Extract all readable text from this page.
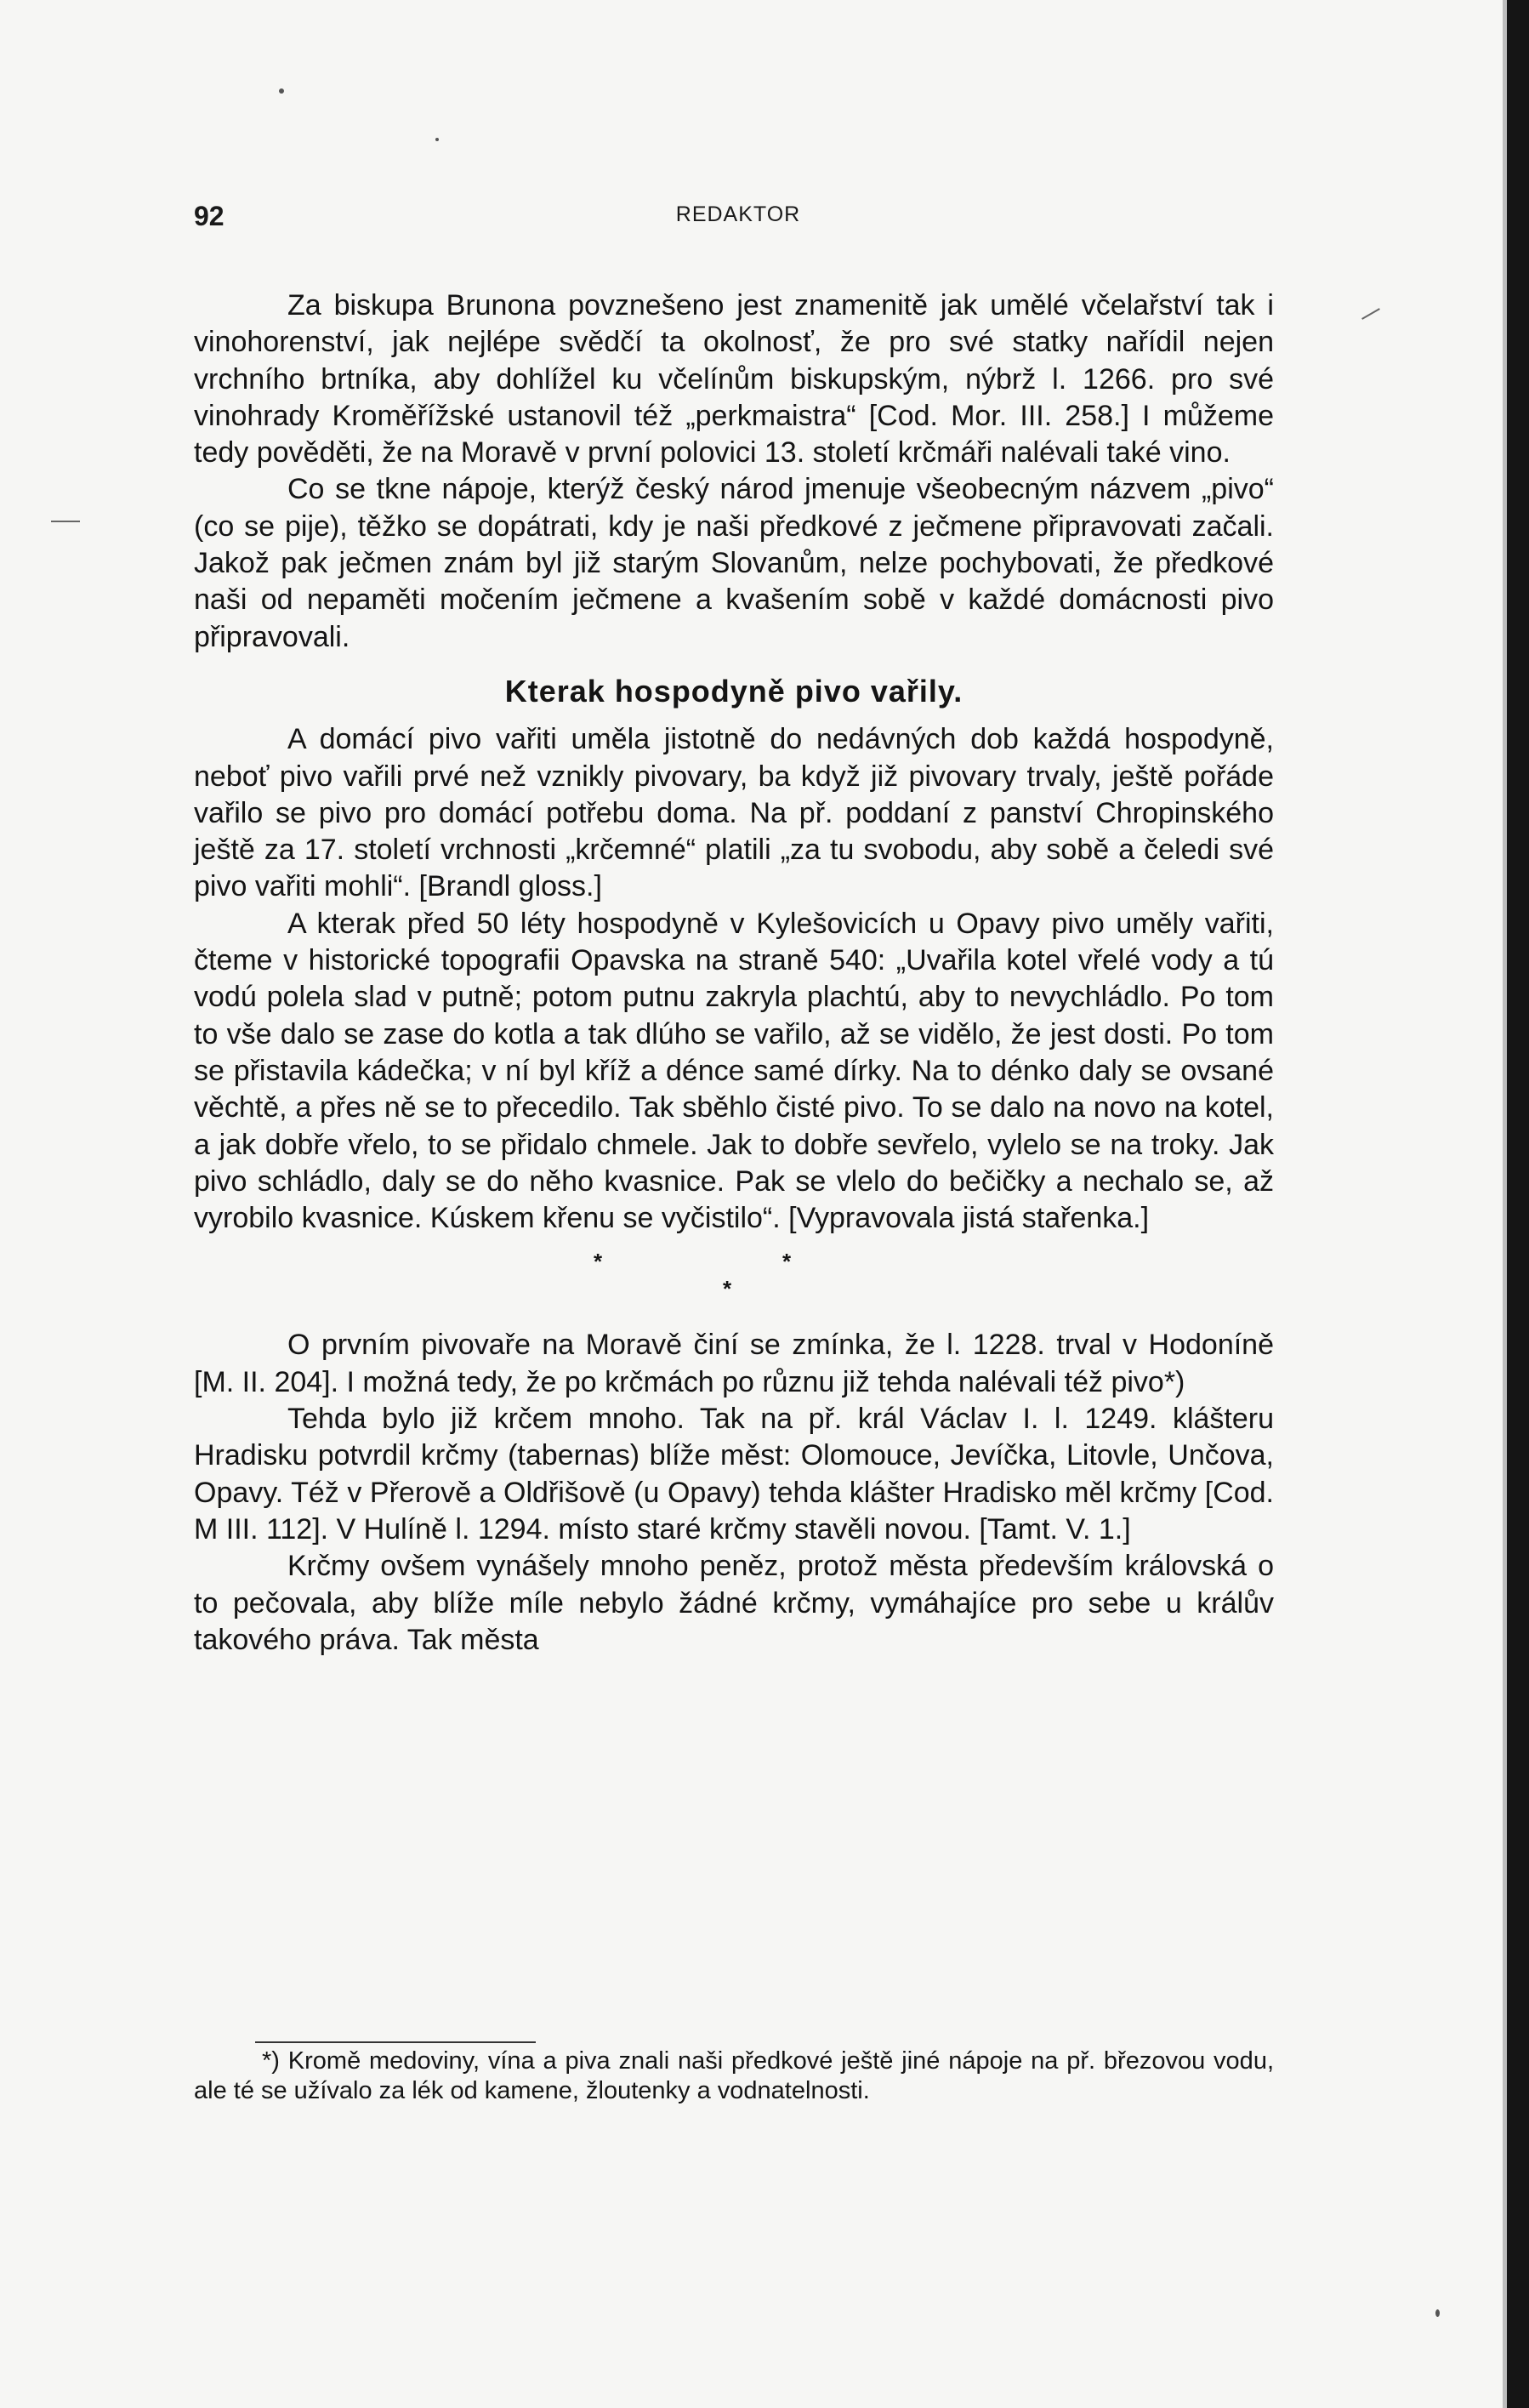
92	REDAKTOR

Za biskupa Brunona povznešeno jest znamenitě jak umělé včelařství tak i vinohorenství, jak nejlépe svědčí ta okolnosť, že pro své statky nařídil nejen vrchního brtníka, aby dohlížel ku včelínům biskupským, nýbrž l. 1266. pro své vinohrady Kroměřížské ustanovil též „perkmaistra“ [Cod. Mor. III. 258.] I můžeme tedy pověděti, že na Moravě v první polovici 13. století krčmáři nalévali také vino.

Co se tkne nápoje, kterýž český národ jmenuje všeobecným názvem „pivo“ (co se pije), těžko se dopátrati, kdy je naši předkové z ječmene připravovati začali. Jakož pak ječmen znám byl již starým Slovanům, nelze pochybovati, že předkové naši od nepaměti močením ječmene a kvašením sobě v každé domácnosti pivo připravovali.

Kterak hospodyně pivo vařily.

A domácí pivo vařiti uměla jistotně do nedávných dob každá hospodyně, neboť pivo vařili prvé než vznikly pivovary, ba když již pivovary trvaly, ještě pořáde vařilo se pivo pro domácí potřebu doma. Na př. poddaní z panství Chropinského ještě za 17. století vrchnosti „krčemné“ platili „za tu svobodu, aby sobě a čeledi své pivo vařiti mohli“. [Brandl gloss.]

A kterak před 50 léty hospodyně v Kylešovicích u Opavy pivo uměly vařiti, čteme v historické topografii Opavska na straně 540: „Uvařila kotel vřelé vody a tú vodú polela slad v putně; potom putnu zakryla plachtú, aby to nevychládlo. Po tom to vše dalo se zase do kotla a tak dlúho se vařilo, až se vidělo, že jest dosti. Po tom se přistavila kádečka; v ní byl kříž a dénce samé dírky. Na to dénko daly se ovsané věchtě, a přes ně se to přecedilo. Tak sběhlo čisté pivo. To se dalo na novo na kotel, a jak dobře vřelo, to se přidalo chmele. Jak to dobře sevřelo, vylelo se na troky. Jak pivo schládlo, daly se do něho kvasnice. Pak se vlelo do bečičky a nechalo se, až vyrobilo kvasnice. Kúskem křenu se vyčistilo“. [Vypravovala jistá stařenka.]

*
*
*

O prvním pivovaře na Moravě činí se zmínka, že l. 1228. trval v Hodoníně [M. II. 204]. I možná tedy, že po krčmách po různu již tehda nalévali též pivo*)

Tehda bylo již krčem mnoho. Tak na př. král Václav I. l. 1249. klášteru Hradisku potvrdil krčmy (tabernas) blíže měst: Olomouce, Jevíčka, Litovle, Unčova, Opavy. Též v Přerově a Oldřišově (u Opavy) tehda klášter Hradisko měl krčmy [Cod. M III. 112]. V Hulíně l. 1294. místo staré krčmy stavěli novou. [Tamt. V. 1.]

Krčmy ovšem vynášely mnoho peněz, protož města především královská o to pečovala, aby blíže míle nebylo žádné krčmy, vymáhajíce pro sebe u králův takového práva. Tak města

*) Kromě medoviny, vína a piva znali naši předkové ještě jiné nápoje na př. březovou vodu, ale té se užívalo za lék od kamene, žloutenky a vodnatelnosti.
